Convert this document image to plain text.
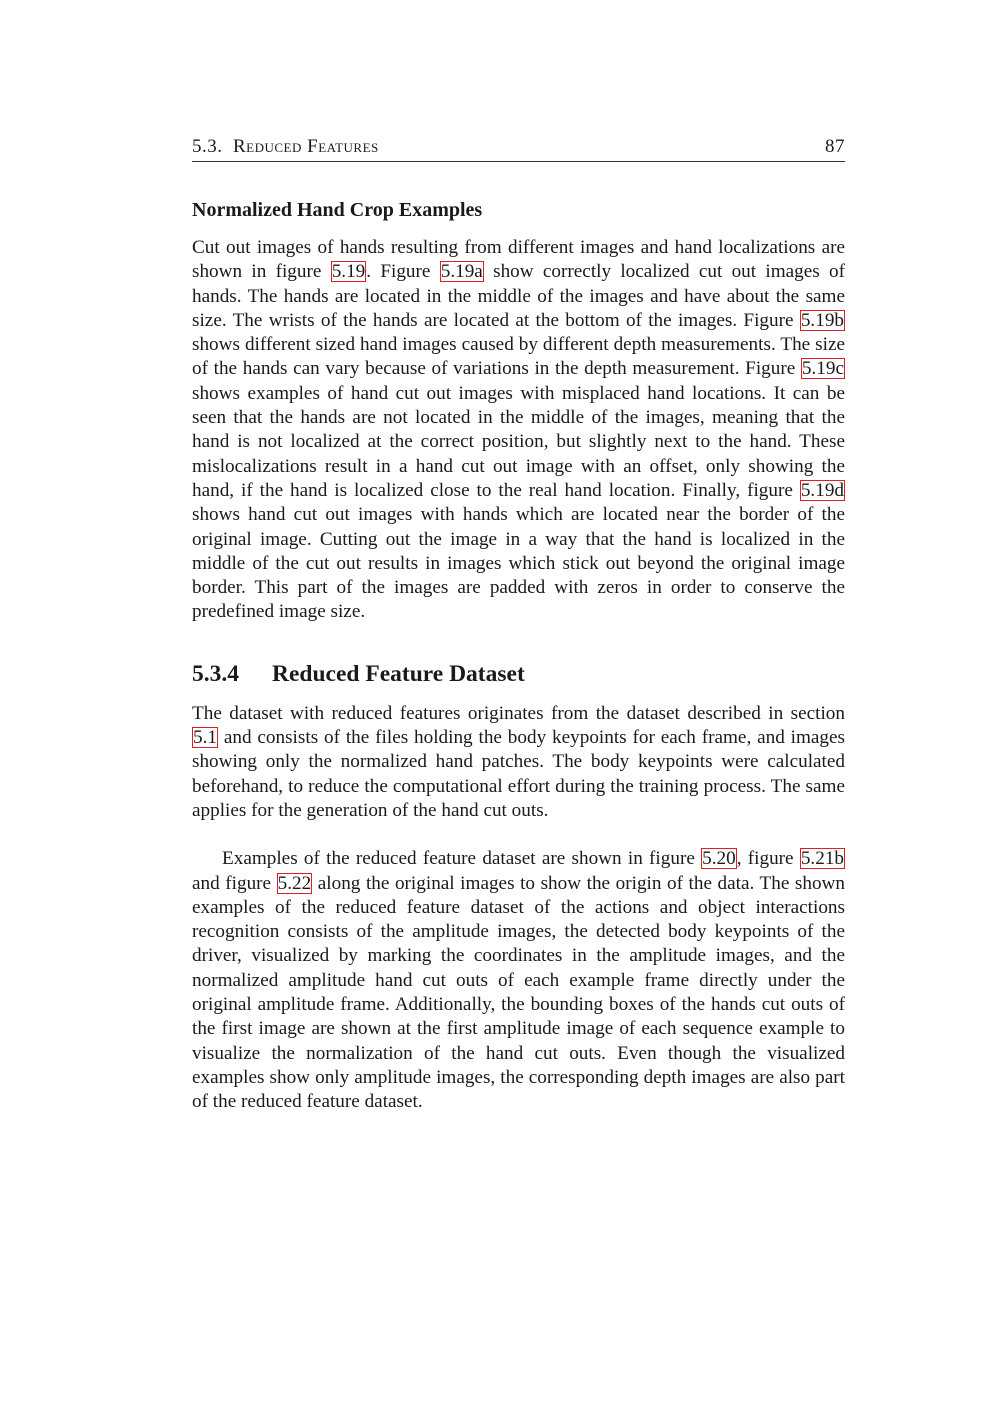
5.3. Reduced Features	87
Normalized Hand Crop Examples

Cut out images of hands resulting from different images and hand localizations are shown in figure 5.19. Figure 5.19a show correctly localized cut out images of hands. The hands are located in the middle of the images and have about the same size. The wrists of the hands are located at the bottom of the images. Figure 5.19b shows different sized hand images caused by different depth measurements. The size of the hands can vary because of variations in the depth measurement. Figure 5.19c shows examples of hand cut out images with misplaced hand locations. It can be seen that the hands are not located in the middle of the images, meaning that the hand is not localized at the correct position, but slightly next to the hand. These mislocalizations result in a hand cut out image with an offset, only showing the hand, if the hand is localized close to the real hand location. Finally, figure 5.19d shows hand cut out images with hands which are located near the border of the original image. Cutting out the image in a way that the hand is localized in the middle of the cut out results in images which stick out beyond the original image border. This part of the images are padded with zeros in order to conserve the predefined image size.

5.3.4 Reduced Feature Dataset

The dataset with reduced features originates from the dataset described in section 5.1 and consists of the files holding the body keypoints for each frame, and images showing only the normalized hand patches. The body keypoints were calculated beforehand, to reduce the computational effort during the training process. The same applies for the generation of the hand cut outs.

Examples of the reduced feature dataset are shown in figure 5.20, figure 5.21b and figure 5.22 along the original images to show the origin of the data. The shown examples of the reduced feature dataset of the actions and object interactions recognition consists of the amplitude images, the detected body keypoints of the driver, visualized by marking the coordinates in the amplitude images, and the normalized amplitude hand cut outs of each example frame directly under the original amplitude frame. Additionally, the bounding boxes of the hands cut outs of the first image are shown at the first amplitude image of each sequence example to visualize the normalization of the hand cut outs. Even though the visualized examples show only amplitude images, the corresponding depth images are also part of the reduced feature dataset.
